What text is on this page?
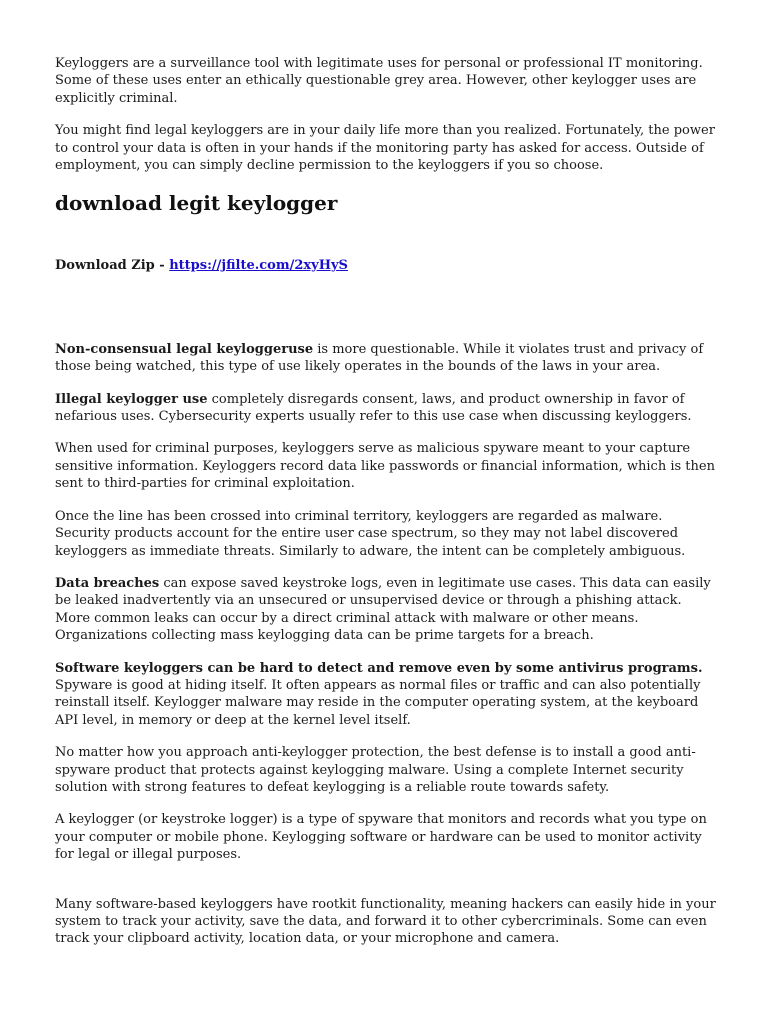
Keyloggers are a surveillance tool with legitimate uses for personal or professional IT monitoring. Some of these uses enter an ethically questionable grey area. However, other keylogger uses are explicitly criminal.

You might find legal keyloggers are in your daily life more than you realized. Fortunately, the power to control your data is often in your hands if the monitoring party has asked for access. Outside of employment, you can simply decline permission to the keyloggers if you so choose.

download legit keylogger

Download Zip - https://jfilte.com/2xyHyS

Non-consensual legal keyloggeruse is more questionable. While it violates trust and privacy of those being watched, this type of use likely operates in the bounds of the laws in your area.

Illegal keylogger use completely disregards consent, laws, and product ownership in favor of nefarious uses. Cybersecurity experts usually refer to this use case when discussing keyloggers.

When used for criminal purposes, keyloggers serve as malicious spyware meant to your capture sensitive information. Keyloggers record data like passwords or financial information, which is then sent to third-parties for criminal exploitation.

Once the line has been crossed into criminal territory, keyloggers are regarded as malware. Security products account for the entire user case spectrum, so they may not label discovered keyloggers as immediate threats. Similarly to adware, the intent can be completely ambiguous.

Data breaches can expose saved keystroke logs, even in legitimate use cases. This data can easily be leaked inadvertently via an unsecured or unsupervised device or through a phishing attack. More common leaks can occur by a direct criminal attack with malware or other means. Organizations collecting mass keylogging data can be prime targets for a breach.

Software keyloggers can be hard to detect and remove even by some antivirus programs. Spyware is good at hiding itself. It often appears as normal files or traffic and can also potentially reinstall itself. Keylogger malware may reside in the computer operating system, at the keyboard API level, in memory or deep at the kernel level itself.

No matter how you approach anti-keylogger protection, the best defense is to install a good anti-spyware product that protects against keylogging malware. Using a complete Internet security solution with strong features to defeat keylogging is a reliable route towards safety.

A keylogger (or keystroke logger) is a type of spyware that monitors and records what you type on your computer or mobile phone. Keylogging software or hardware can be used to monitor activity for legal or illegal purposes.

Many software-based keyloggers have rootkit functionality, meaning hackers can easily hide in your system to track your activity, save the data, and forward it to other cybercriminals. Some can even track your clipboard activity, location data, or your microphone and camera.
